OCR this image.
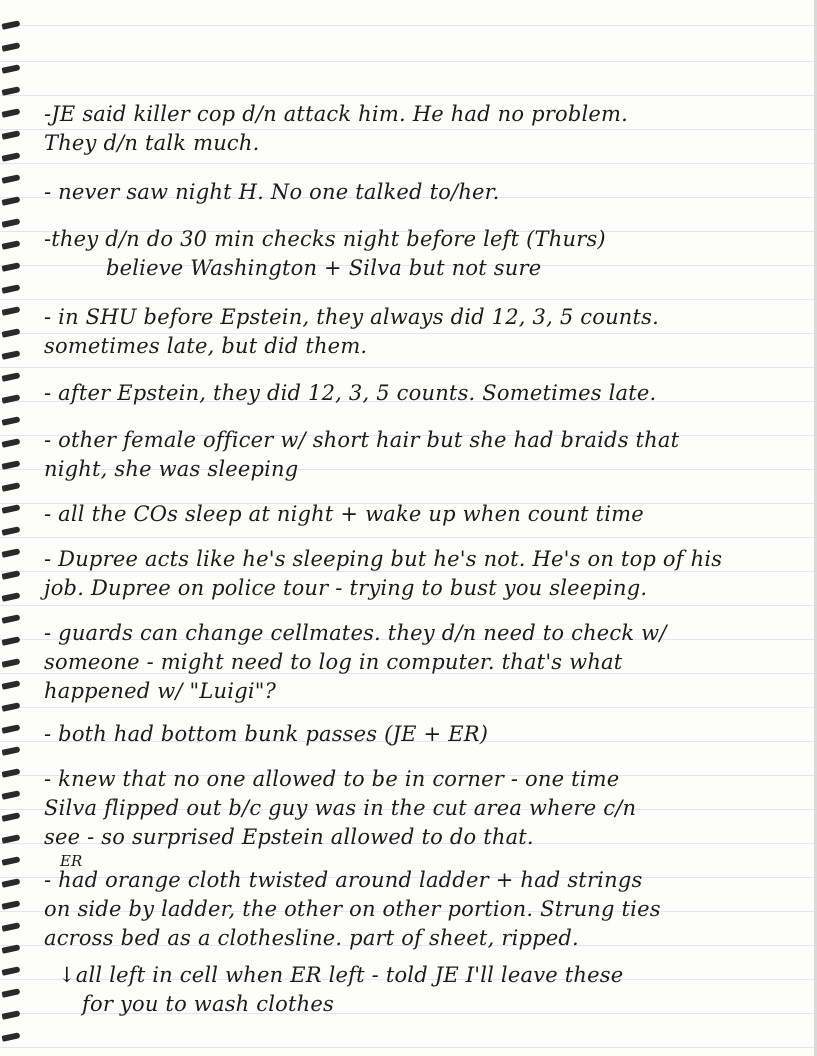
-JE said killer cop d/n attack him. He had no problem.
They d/n talk much.
- never saw night H. No one talked to/her.
-they d/n do 30 min checks night before left (Thurs)
believe Washington + Silva but not sure
- in SHU before Epstein, they always did 12, 3, 5 counts.
sometimes late, but did them.
- after Epstein, they did 12, 3, 5 counts. Sometimes late.
- other female officer w/ short hair but she had braids that
night, she was sleeping
- all the COs sleep at night + wake up when count time
- Dupree acts like he's sleeping but he's not. He's on top of his
job. Dupree on police tour - trying to bust you sleeping.
- guards can change cellmates. they d/n need to check w/
someone - might need to log in computer. that's what
happened w/ "Luigi"?
- both had bottom bunk passes (JE + ER)
- knew that no one allowed to be in corner - one time
Silva flipped out b/c guy was in the cut area where c/n
see - so surprised Epstein allowed to do that.
ER
- had orange cloth twisted around ladder + had strings
on side by ladder, the other on other portion. Strung ties
across bed as a clothesline. part of sheet, ripped.
↓all left in cell when ER left - told JE I'll leave these
for you to wash clothes
